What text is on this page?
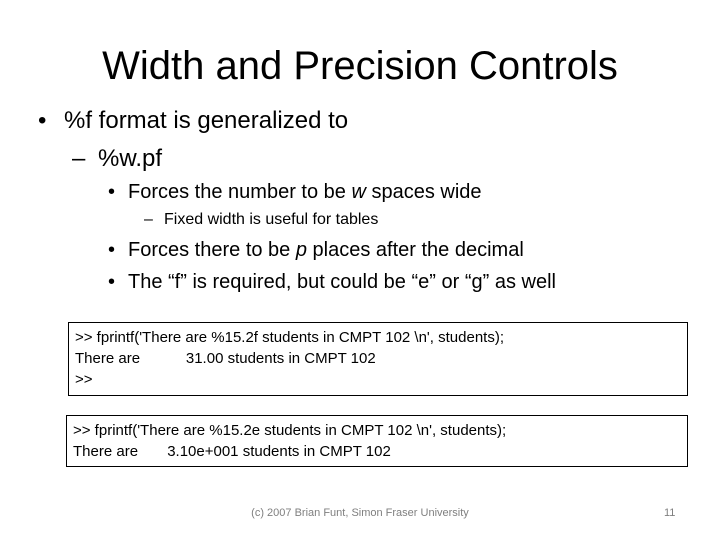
Width and Precision Controls
• %f format is generalized to
– %w.pf
• Forces the number to be w spaces wide
– Fixed width is useful for tables
• Forces there to be p places after the decimal
• The “f” is required, but could be “e” or “g” as well
>> fprintf('There are %15.2f students in CMPT 102 \n', students);
There are           31.00 students in CMPT 102
>>
>> fprintf('There are %15.2e students in CMPT 102 \n', students);
There are       3.10e+001 students in CMPT 102
(c) 2007 Brian Funt, Simon Fraser University	11
